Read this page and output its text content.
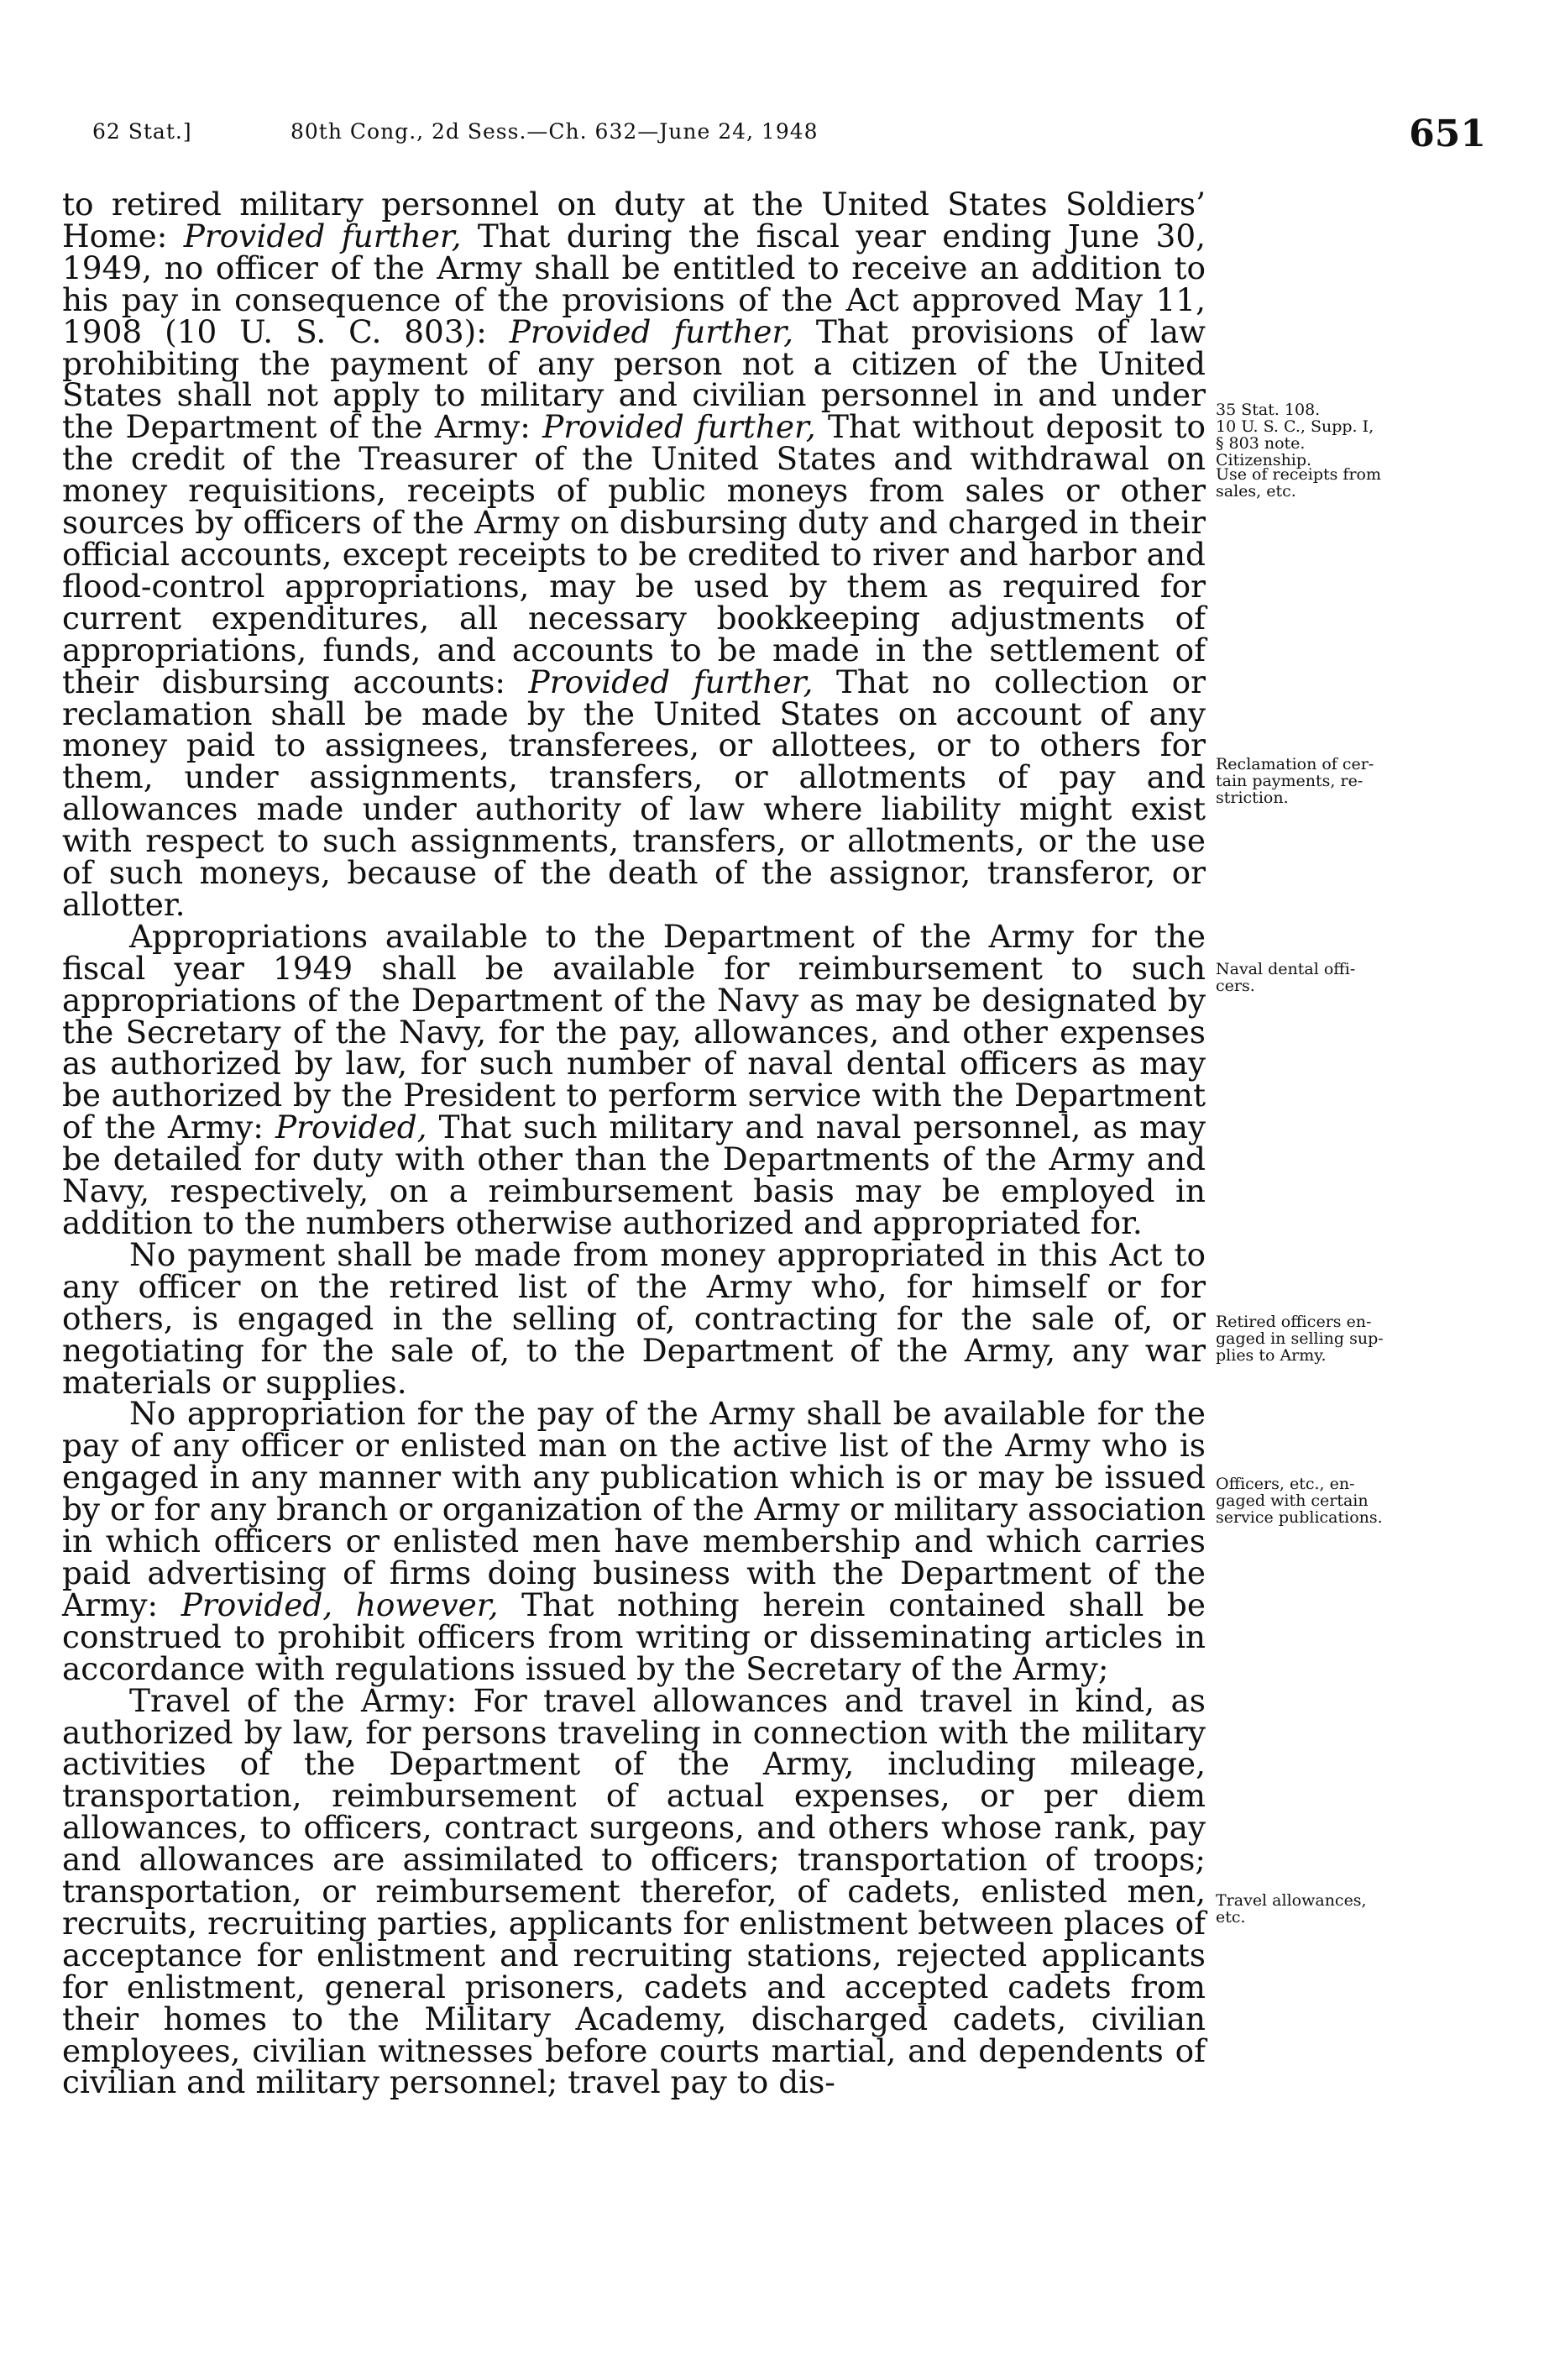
62 Stat.]	80th Cong., 2d Sess.—Ch. 632—June 24, 1948	651

to retired military personnel on duty at the United States Soldiers’ Home: Provided further, That during the fiscal year ending June 30, 1949, no officer of the Army shall be entitled to receive an addition to his pay in consequence of the provisions of the Act approved May 11, 1908 (10 U. S. C. 803): Provided further, That provisions of law prohibiting the payment of any person not a citizen of the United States shall not apply to military and civilian personnel in and under the Department of the Army: Provided further, That without deposit to the credit of the Treasurer of the United States and withdrawal on money requisitions, receipts of public moneys from sales or other sources by officers of the Army on disbursing duty and charged in their official accounts, except receipts to be credited to river and harbor and flood-control appropriations, may be used by them as required for current expenditures, all necessary bookkeeping adjustments of appropriations, funds, and accounts to be made in the settlement of their disbursing accounts: Provided further, That no collection or reclamation shall be made by the United States on account of any money paid to assignees, transferees, or allottees, or to others for them, under assignments, transfers, or allotments of pay and allowances made under authority of law where liability might exist with respect to such assignments, transfers, or allotments, or the use of such moneys, because of the death of the assignor, transferor, or allotter.

Appropriations available to the Department of the Army for the fiscal year 1949 shall be available for reimbursement to such appropriations of the Department of the Navy as may be designated by the Secretary of the Navy, for the pay, allowances, and other expenses as authorized by law, for such number of naval dental officers as may be authorized by the President to perform service with the Department of the Army: Provided, That such military and naval personnel, as may be detailed for duty with other than the Departments of the Army and Navy, respectively, on a reimbursement basis may be employed in addition to the numbers otherwise authorized and appropriated for.

No payment shall be made from money appropriated in this Act to any officer on the retired list of the Army who, for himself or for others, is engaged in the selling of, contracting for the sale of, or negotiating for the sale of, to the Department of the Army, any war materials or supplies.

No appropriation for the pay of the Army shall be available for the pay of any officer or enlisted man on the active list of the Army who is engaged in any manner with any publication which is or may be issued by or for any branch or organization of the Army or military association in which officers or enlisted men have membership and which carries paid advertising of firms doing business with the Department of the Army: Provided, however, That nothing herein contained shall be construed to prohibit officers from writing or disseminating articles in accordance with regulations issued by the Secretary of the Army;

Travel of the Army: For travel allowances and travel in kind, as authorized by law, for persons traveling in connection with the military activities of the Department of the Army, including mileage, transportation, reimbursement of actual expenses, or per diem allowances, to officers, contract surgeons, and others whose rank, pay and allowances are assimilated to officers; transportation of troops; transportation, or reimbursement therefor, of cadets, enlisted men, recruits, recruiting parties, applicants for enlistment between places of acceptance for enlistment and recruiting stations, rejected applicants for enlistment, general prisoners, cadets and accepted cadets from their homes to the Military Academy, discharged cadets, civilian employees, civilian witnesses before courts martial, and dependents of civilian and military personnel; travel pay to dis-

35 Stat. 108.
10 U. S. C., Supp. I,
§ 803 note.
Citizenship.
Use of receipts from
sales, etc.
Reclamation of cer-
tain payments, re-
striction.
Naval dental offi-
cers.
Retired officers en-
gaged in selling sup-
plies to Army.
Officers, etc., en-
gaged with certain
service publications.
Travel allowances,
etc.
